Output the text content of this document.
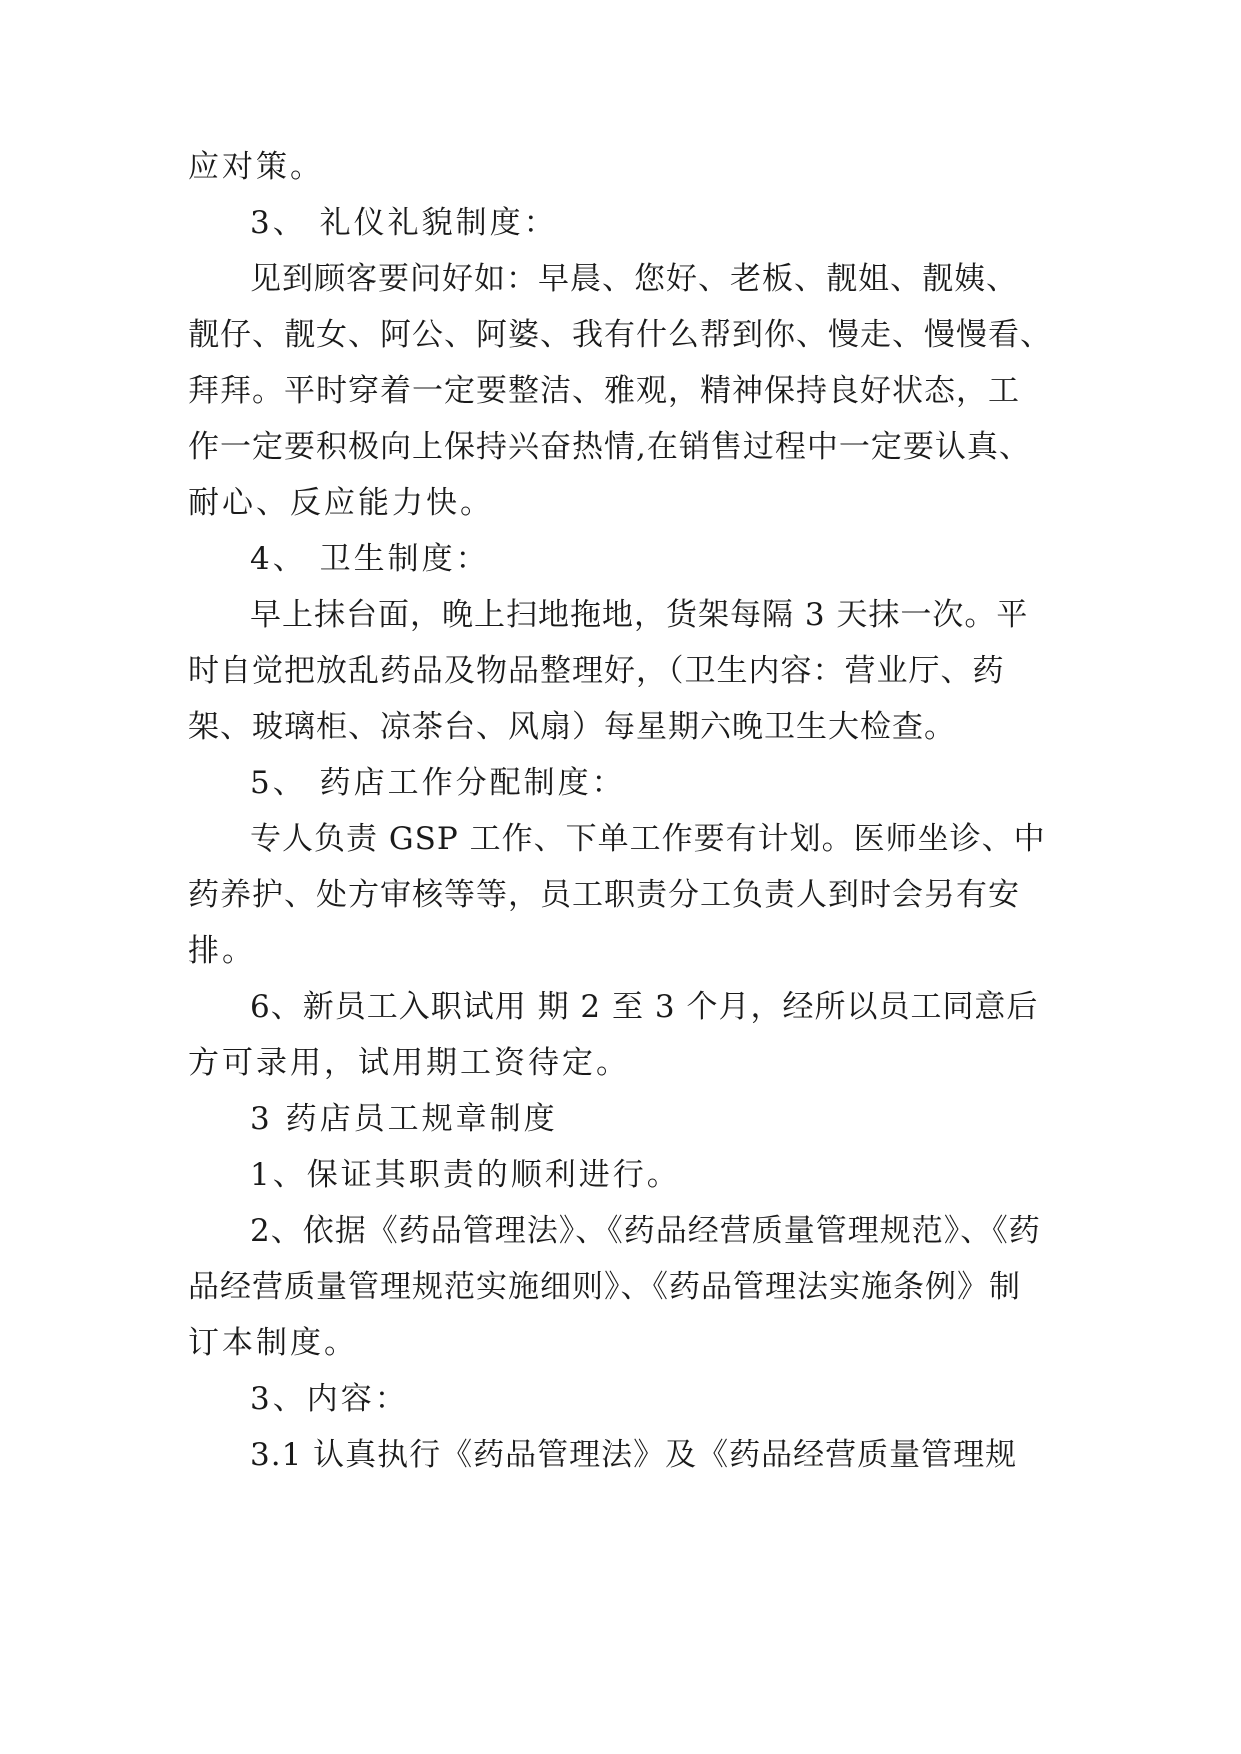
应对策。
3、 礼仪礼貌制度：
见到顾客要问好如：早晨、您好、老板、靓姐、靓姨、
靓仔、靓女、阿公、阿婆、我有什么帮到你、慢走、慢慢看、
拜拜。平时穿着一定要整洁、雅观，精神保持良好状态，工
作一定要积极向上保持兴奋热情,在销售过程中一定要认真、
耐心、反应能力快。
4、 卫生制度：
早上抹台面，晚上扫地拖地，货架每隔 3 天抹一次。平
时自觉把放乱药品及物品整理好，（卫生内容：营业厅、药
架、玻璃柜、凉茶台、风扇）每星期六晚卫生大检查。
5、 药店工作分配制度：
专人负责 GSP 工作、下单工作要有计划。医师坐诊、中
药养护、处方审核等等，员工职责分工负责人到时会另有安
排。
6、新员工入职试用 期 2 至 3 个月，经所以员工同意后
方可录用，试用期工资待定。
3 药店员工规章制度
1、保证其职责的顺利进行。
2、依据《药品管理法》、《药品经营质量管理规范》、《药
品经营质量管理规范实施细则》、《药品管理法实施条例》制
订本制度。
3、内容：
3.1 认真执行《药品管理法》及《药品经营质量管理规
